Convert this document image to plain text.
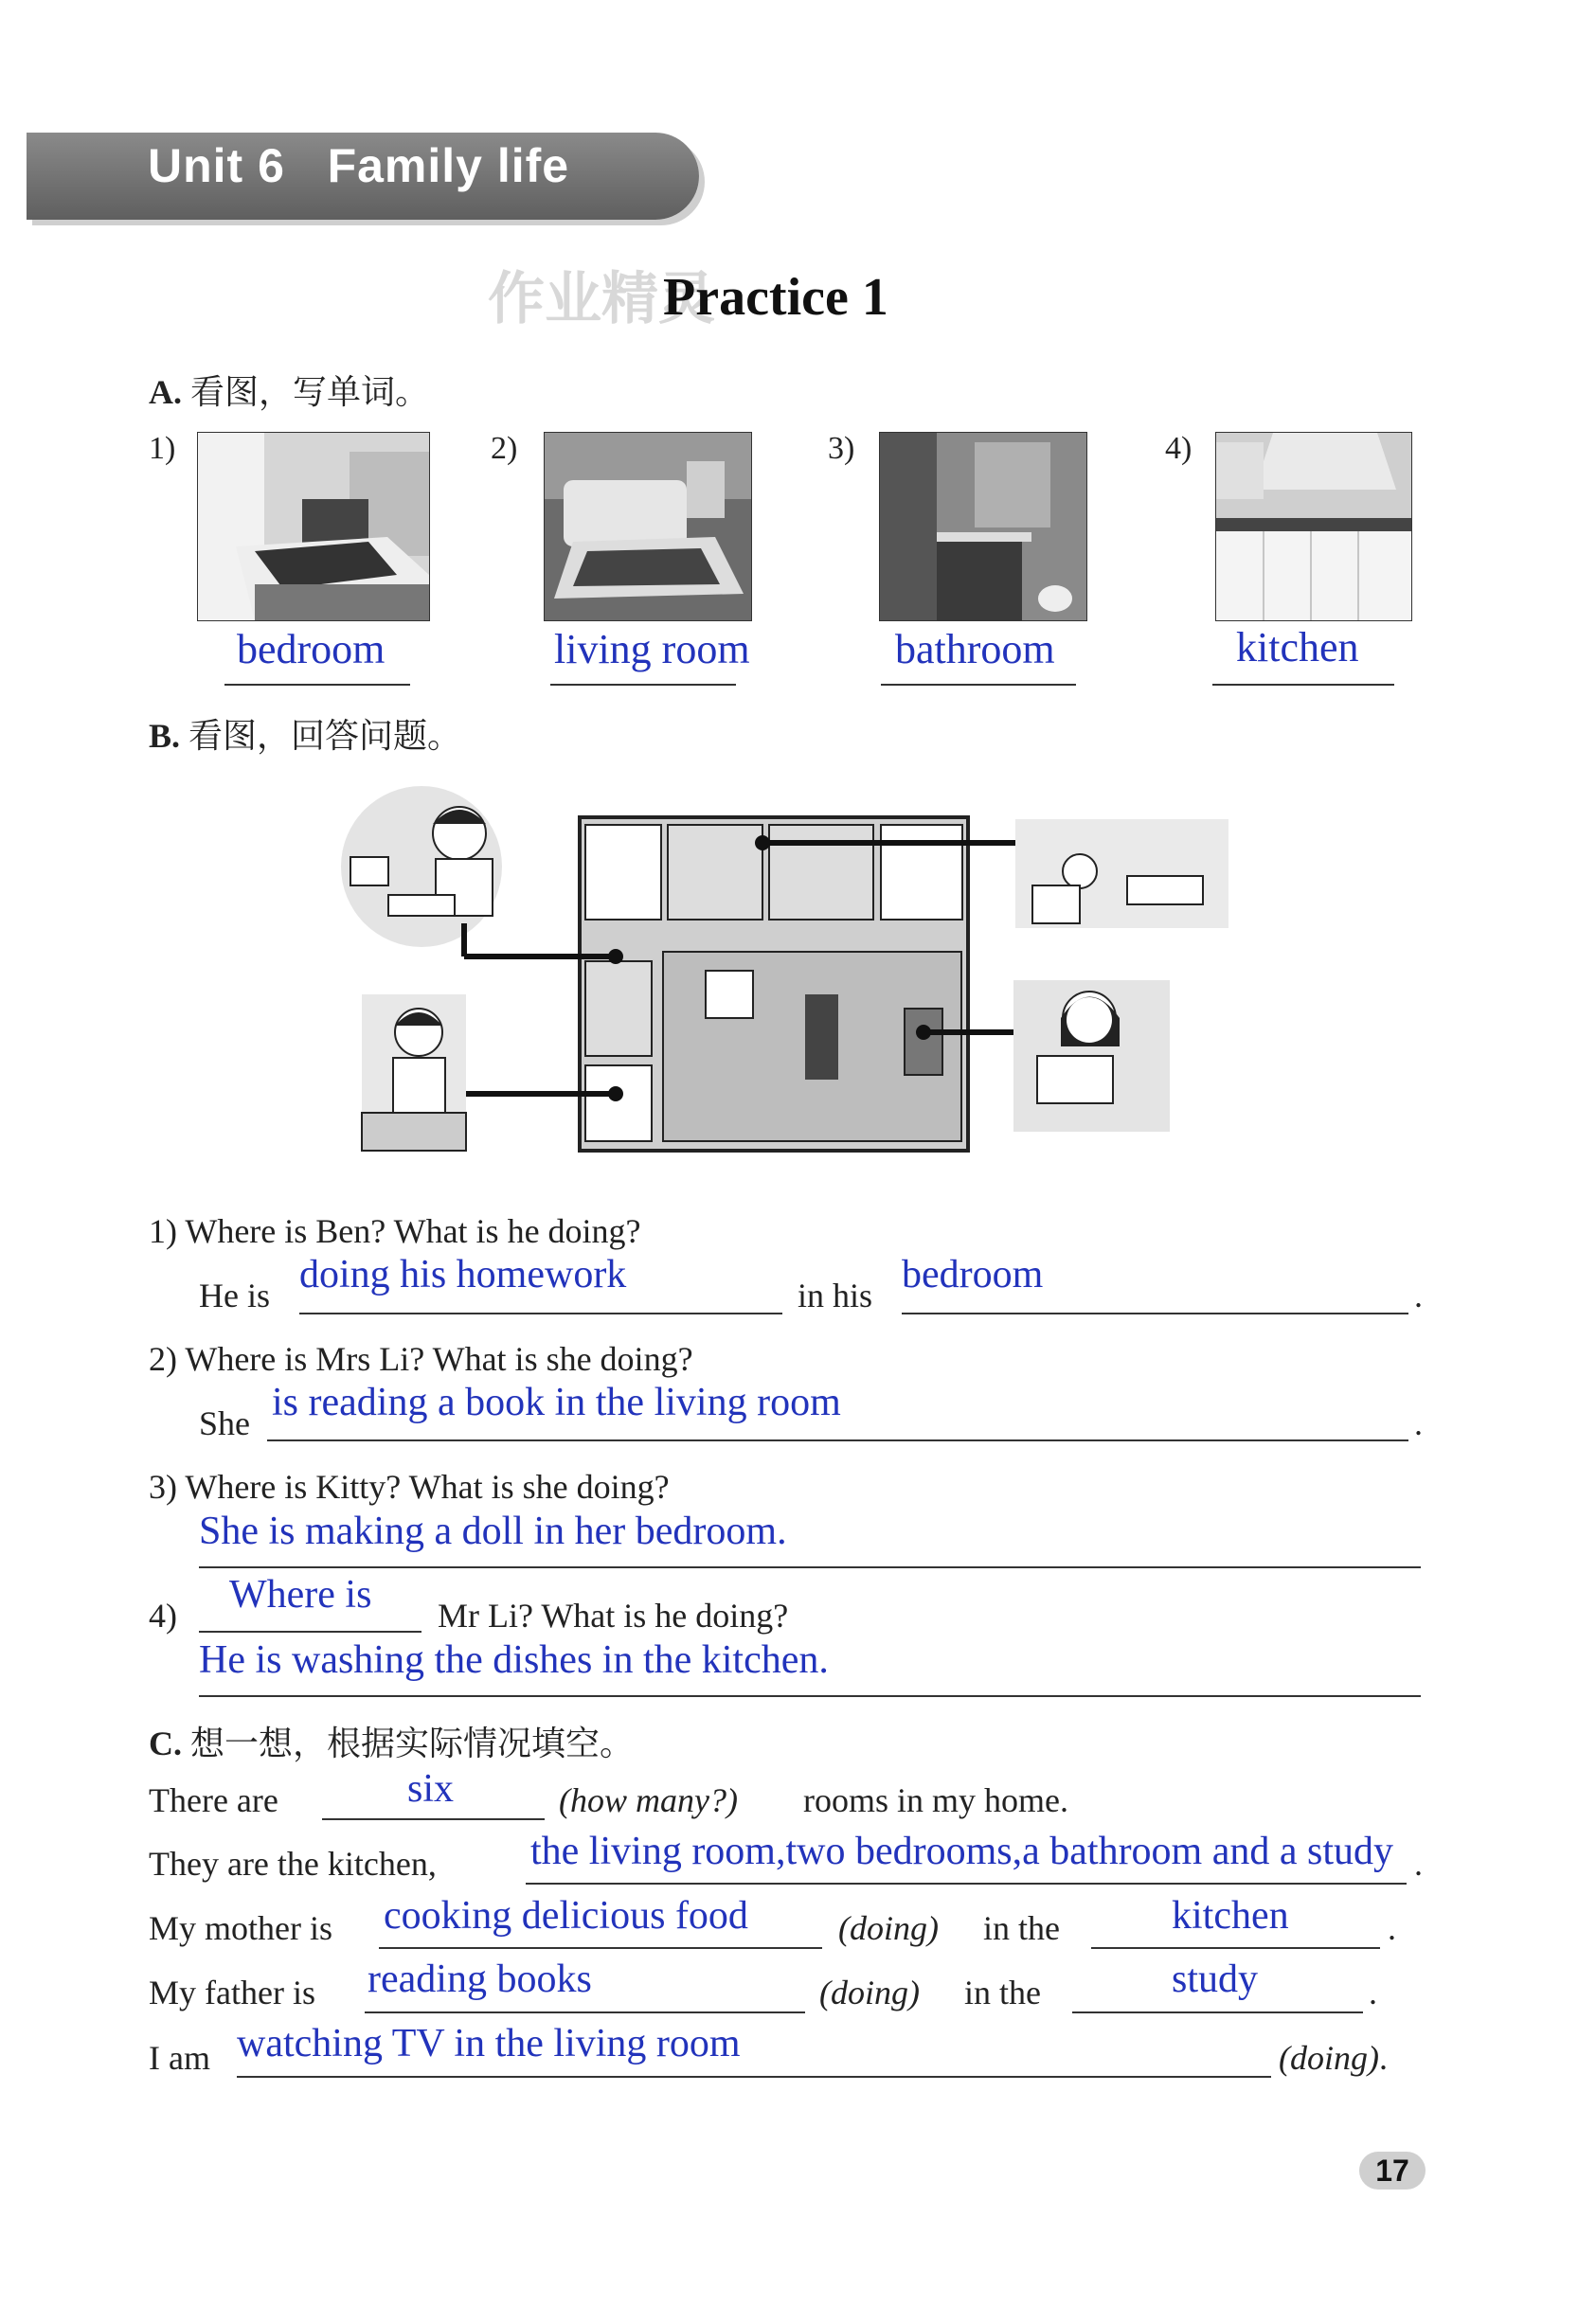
Unit 6   Family life
作业精灵
Practice 1
A. 看图，写单词。
1)
bedroom
2)
living room
3)
bathroom
4)
kitchen
B. 看图，回答问题。
1) Where is Ben? What is he doing?
He is doing his homework	in his bedroom	.
2) Where is Mrs Li? What is she doing?
She is reading a book in the living room	.
3) Where is Kitty? What is she doing?
She is making a doll in her bedroom.
4) Where is Mr Li? What is he doing?
He is washing the dishes in the kitchen.
C. 想一想，根据实际情况填空。
There are	six	(how many?) rooms in my home.
They are the kitchen, the living room,two bedrooms,a bathroom and a study .
My mother is cooking delicious food	(doing) in the	kitchen	.
My father is reading books	(doing) in the	study	.
I am watching TV in the living room	(doing).
17
